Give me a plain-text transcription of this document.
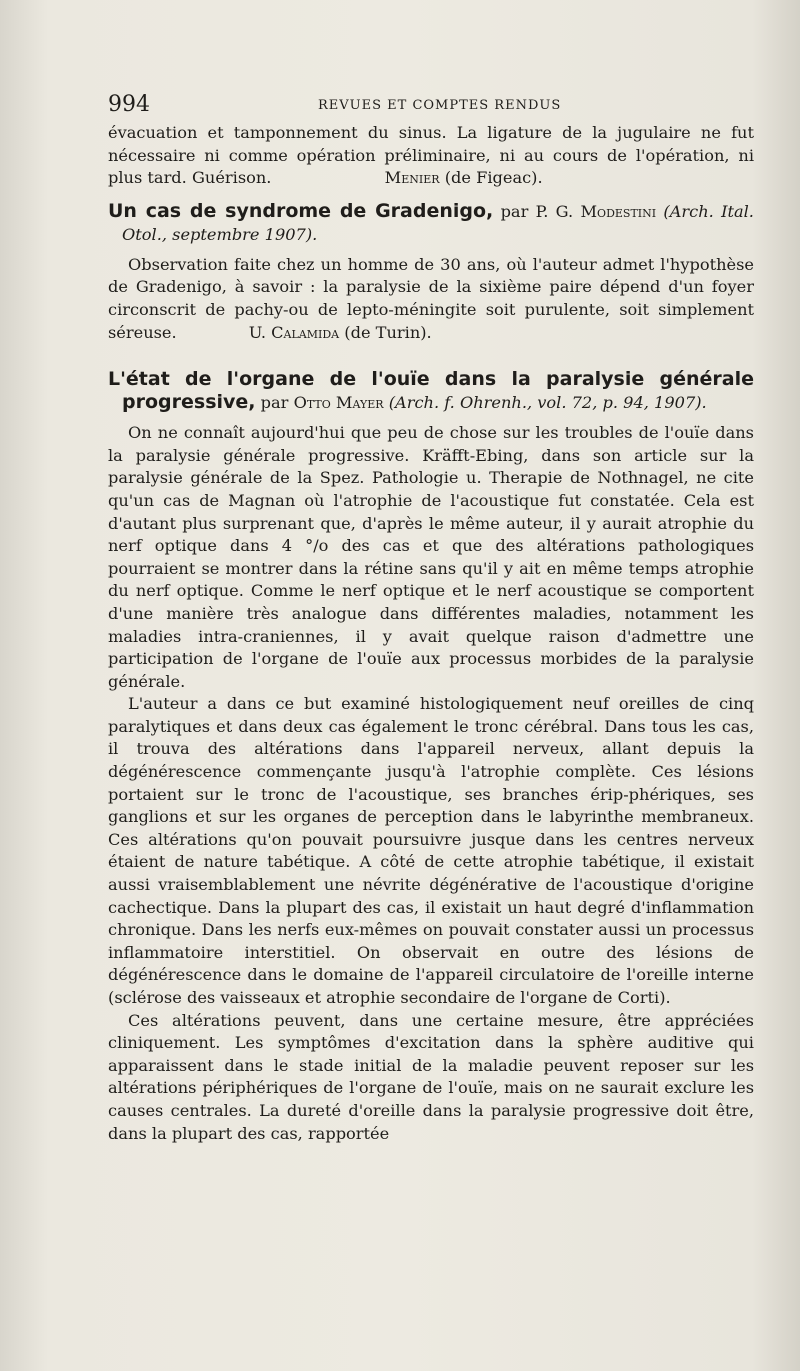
994	REVUES ET COMPTES RENDUS

évacuation et tamponnement du sinus. La ligature de la jugulaire ne fut nécessaire ni comme opération préliminaire, ni au cours de l'opération, ni plus tard. Guérison.	Menier (de Figeac).

Un cas de syndrome de Gradenigo, par P. G. Modestini (Arch. Ital. Otol., septembre 1907).

Observation faite chez un homme de 30 ans, où l'auteur admet l'hypothèse de Gradenigo, à savoir : la paralysie de la sixième paire dépend d'un foyer circonscrit de pachy-ou de lepto-méningite soit purulente, soit simplement séreuse.	U. Calamida (de Turin).

L'état de l'organe de l'ouïe dans la paralysie générale progressive, par Otto Mayer (Arch. f. Ohrenh., vol. 72, p. 94, 1907).

On ne connaît aujourd'hui que peu de chose sur les troubles de l'ouïe dans la paralysie générale progressive. Kräfft-Ebing, dans son article sur la paralysie générale de la Spez. Pathologie u. Therapie de Nothnagel, ne cite qu'un cas de Magnan où l'atrophie de l'acoustique fut constatée. Cela est d'autant plus surprenant que, d'après le même auteur, il y aurait atrophie du nerf optique dans 4 °/o des cas et que des altérations pathologiques pourraient se montrer dans la rétine sans qu'il y ait en même temps atrophie du nerf optique. Comme le nerf optique et le nerf acoustique se comportent d'une manière très analogue dans différentes maladies, notamment les maladies intra-craniennes, il y avait quelque raison d'admettre une participation de l'organe de l'ouïe aux processus morbides de la paralysie générale.

L'auteur a dans ce but examiné histologiquement neuf oreilles de cinq paralytiques et dans deux cas également le tronc cérébral. Dans tous les cas, il trouva des altérations dans l'appareil nerveux, allant depuis la dégénérescence commençante jusqu'à l'atrophie complète. Ces lésions portaient sur le tronc de l'acoustique, ses branches érip-phériques, ses ganglions et sur les organes de perception dans le labyrinthe membraneux. Ces altérations qu'on pouvait poursuivre jusque dans les centres nerveux étaient de nature tabétique. A côté de cette atrophie tabétique, il existait aussi vraisemblablement une névrite dégénérative de l'acoustique d'origine cachectique. Dans la plupart des cas, il existait un haut degré d'inflammation chronique. Dans les nerfs eux-mêmes on pouvait constater aussi un processus inflammatoire interstitiel. On observait en outre des lésions de dégénérescence dans le domaine de l'appareil circulatoire de l'oreille interne (sclérose des vaisseaux et atrophie secondaire de l'organe de Corti).

Ces altérations peuvent, dans une certaine mesure, être appréciées cliniquement. Les symptômes d'excitation dans la sphère auditive qui apparaissent dans le stade initial de la maladie peuvent reposer sur les altérations périphériques de l'organe de l'ouïe, mais on ne saurait exclure les causes centrales. La dureté d'oreille dans la paralysie progressive doit être, dans la plupart des cas, rapportée
